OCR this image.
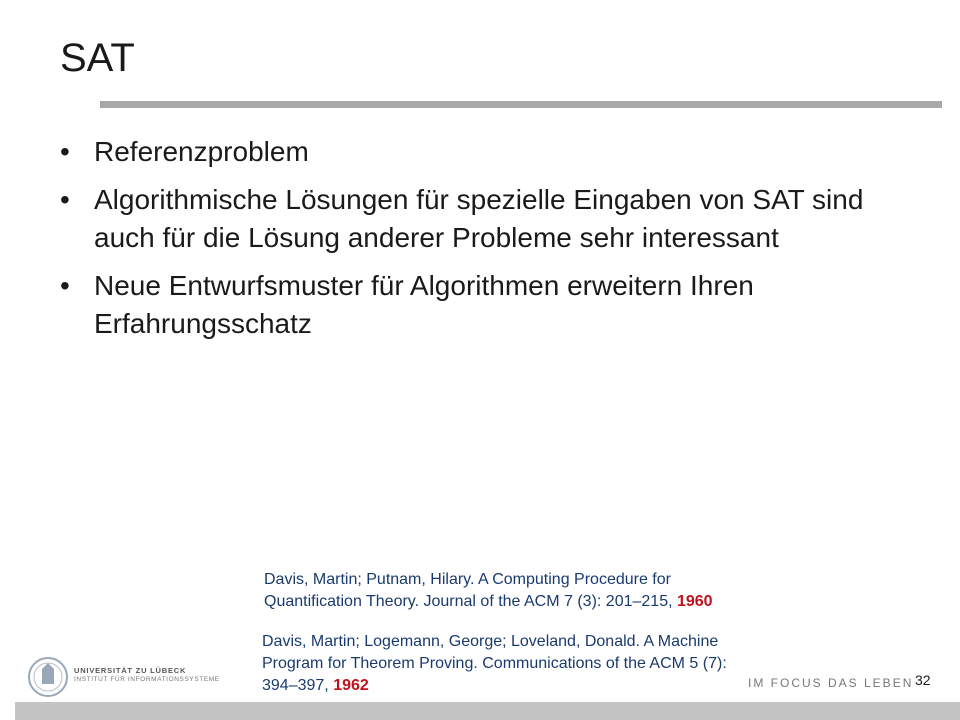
SAT
• Referenzproblem
• Algorithmische Lösungen für spezielle Eingaben von SAT sind auch für die Lösung anderer Probleme sehr interessant
• Neue Entwurfsmuster für Algorithmen erweitern Ihren Erfahrungsschatz
Davis, Martin; Putnam, Hilary. A Computing Procedure for Quantification Theory. Journal of the ACM 7 (3): 201–215, 1960
Davis, Martin; Logemann, George; Loveland, Donald. A Machine Program for Theorem Proving. Communications of the ACM 5 (7): 394–397, 1962
UNIVERSITÄT ZU LÜBECK
INSTITUT FÜR INFORMATIONSSYSTEME	IM FOCUS DAS LEBEN 32
